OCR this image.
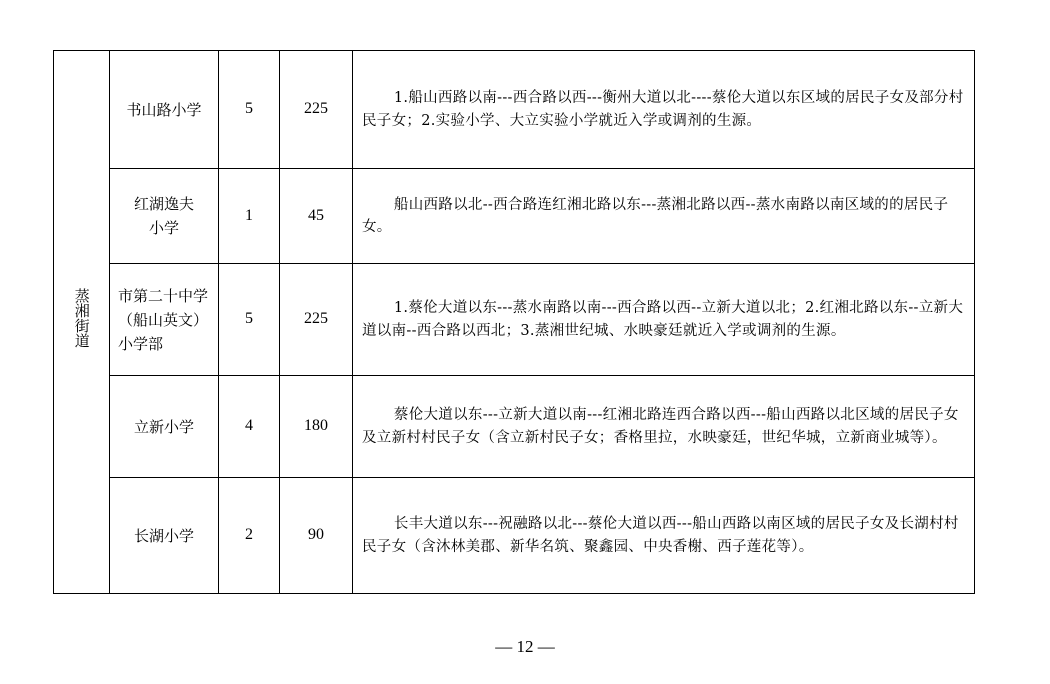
蒸湘街道	书山路小学	5	225	1.船山西路以南---西合路以西---衡州大道以北----蔡伦大道以东区域的居民子女及部分村民子女；2.实验小学、大立实验小学就近入学或调剂的生源。

	红湖逸夫小学	1	45	船山西路以北--西合路连红湘北路以东---蒸湘北路以西--蒸水南路以南区域的的居民子女。

	市第二十中学（船山英文）小学部	5	225	1.蔡伦大道以东---蒸水南路以南---西合路以西--立新大道以北；2.红湘北路以东--立新大道以南--西合路以西北；3.蒸湘世纪城、水映豪廷就近入学或调剂的生源。

	立新小学	4	180	蔡伦大道以东---立新大道以南---红湘北路连西合路以西---船山西路以北区域的居民子女及立新村村民子女（含立新村民子女；香格里拉，水映豪廷，世纪华城，立新商业城等）。

	长湖小学	2	90	长丰大道以东---祝融路以北---蔡伦大道以西---船山西路以南区域的居民子女及长湖村村民子女（含沐林美郡、新华名筑、聚鑫园、中央香榭、西子莲花等）。
— 12 —
